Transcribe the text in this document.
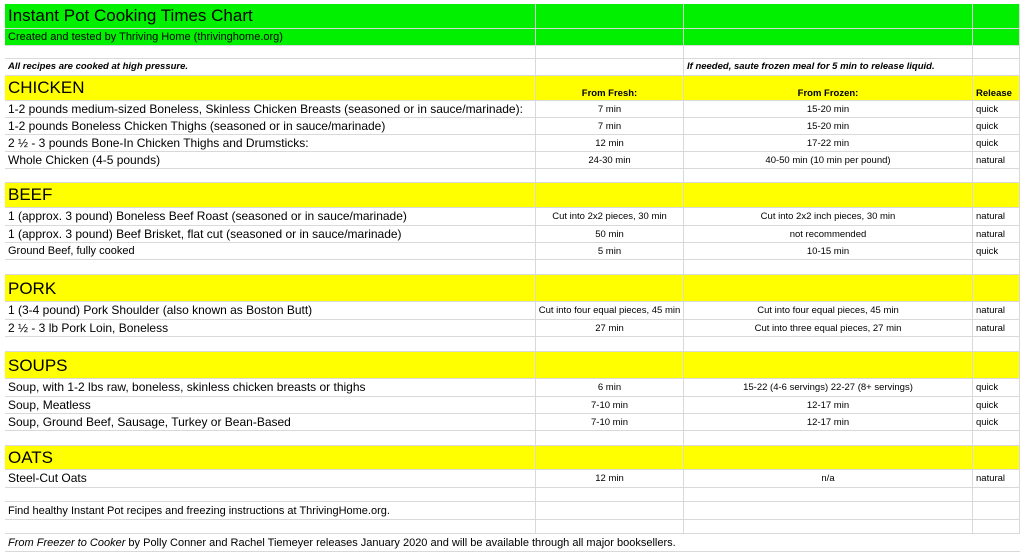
Instant Pot Cooking Times Chart
Created and tested by Thriving Home (thrivinghome.org)
All recipes are cooked at high pressure.	If needed, saute frozen meal for 5 min to release liquid.
CHICKEN	From Fresh:	From Frozen:	Release
1-2 pounds medium-sized Boneless, Skinless Chicken Breasts (seasoned or in sauce/marinade):	7 min	15-20 min	quick
1-2 pounds Boneless Chicken Thighs (seasoned or in sauce/marinade)	7 min	15-20 min	quick
2 ½ - 3 pounds Bone-In Chicken Thighs and Drumsticks:	12 min	17-22 min	quick
Whole Chicken (4-5 pounds)	24-30 min	40-50 min (10 min per pound)	natural
BEEF
1 (approx. 3 pound) Boneless Beef Roast (seasoned or in sauce/marinade)	Cut into 2x2 pieces, 30 min	Cut into 2x2 inch pieces, 30 min	natural
1 (approx. 3 pound) Beef Brisket, flat cut (seasoned or in sauce/marinade)	50 min	not recommended	natural
Ground Beef, fully cooked	5 min	10-15 min	quick
PORK
1 (3-4 pound) Pork Shoulder (also known as Boston Butt)	Cut into four equal pieces, 45 min	Cut into four equal pieces, 45 min	natural
2 ½ - 3 lb Pork Loin, Boneless	27 min	Cut into three equal pieces, 27 min	natural
SOUPS
Soup, with 1-2 lbs raw, boneless, skinless chicken breasts or thighs	6 min	15-22 (4-6 servings) 22-27 (8+ servings)	quick
Soup, Meatless	7-10 min	12-17 min	quick
Soup, Ground Beef, Sausage, Turkey or Bean-Based	7-10 min	12-17 min	quick
OATS
Steel-Cut Oats	12 min	n/a	natural
Find healthy Instant Pot recipes and freezing instructions at ThrivingHome.org.
From Freezer to Cooker by Polly Conner and Rachel Tiemeyer releases January 2020 and will be available through all major booksellers.
